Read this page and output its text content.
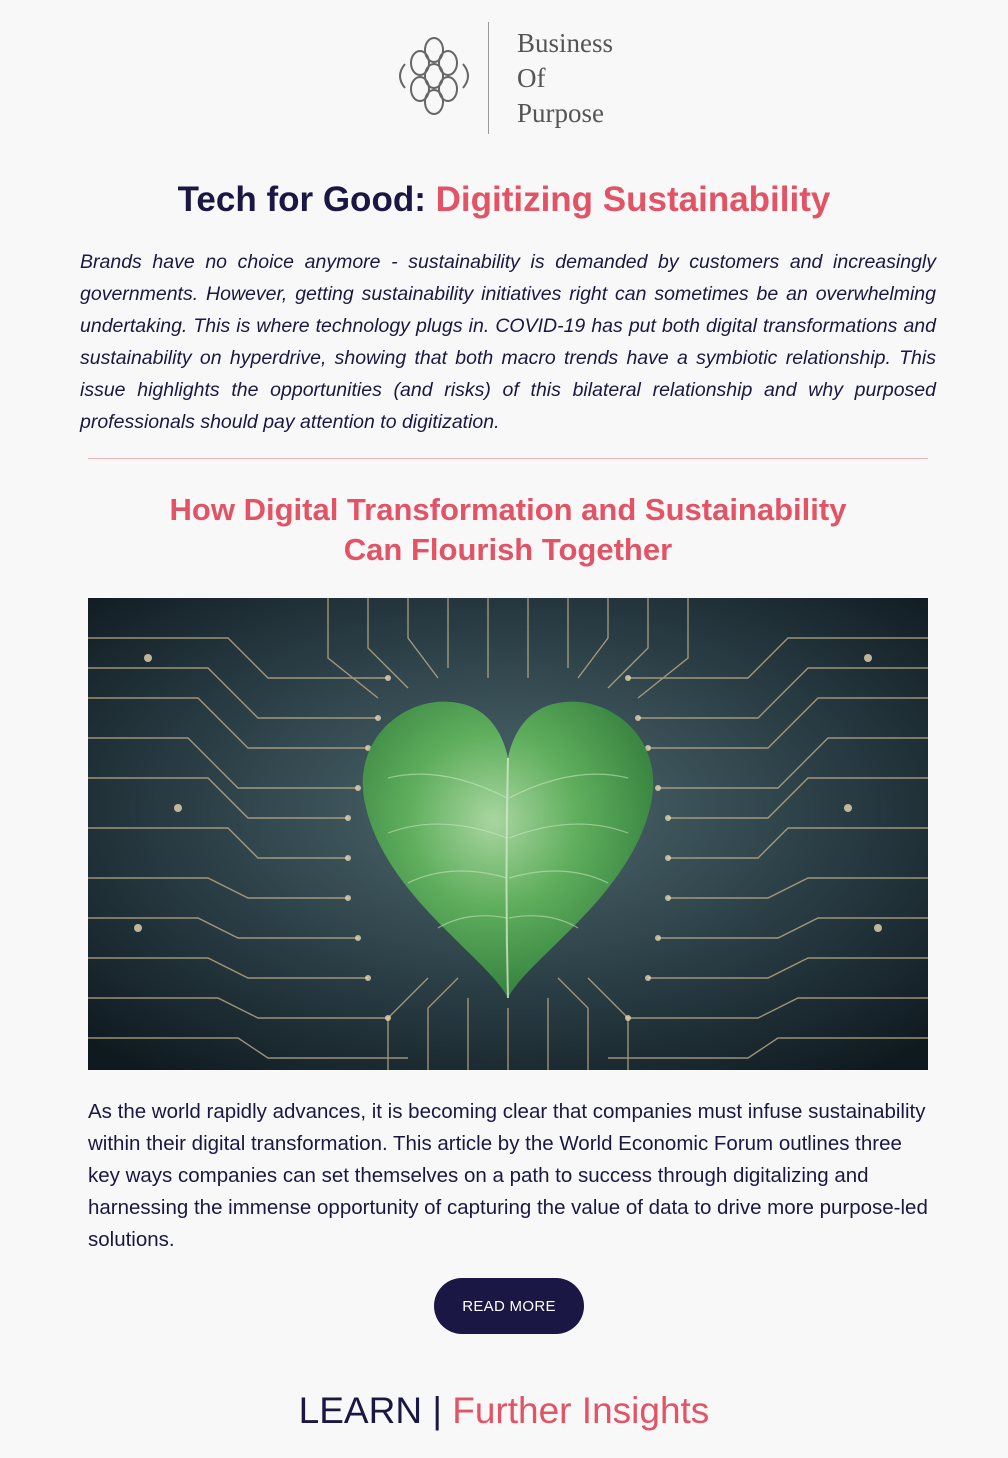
Business
Of
Purpose
Tech for Good: Digitizing Sustainability

Brands have no choice anymore - sustainability is demanded by customers and increasingly governments. However, getting sustainability initiatives right can sometimes be an overwhelming undertaking. This is where technology plugs in. COVID-19 has put both digital transformations and sustainability on hyperdrive, showing that both macro trends have a symbiotic relationship. This issue highlights the opportunities (and risks) of this bilateral relationship and why purposed professionals should pay attention to digitization.

How Digital Transformation and Sustainability
Can Flourish Together

As the world rapidly advances, it is becoming clear that companies must infuse sustainability within their digital transformation. This article by the World Economic Forum outlines three key ways companies can set themselves on a path to success through digitalizing and harnessing the immense opportunity of capturing the value of data to drive more purpose-led solutions.

READ MORE
LEARN | Further Insights
